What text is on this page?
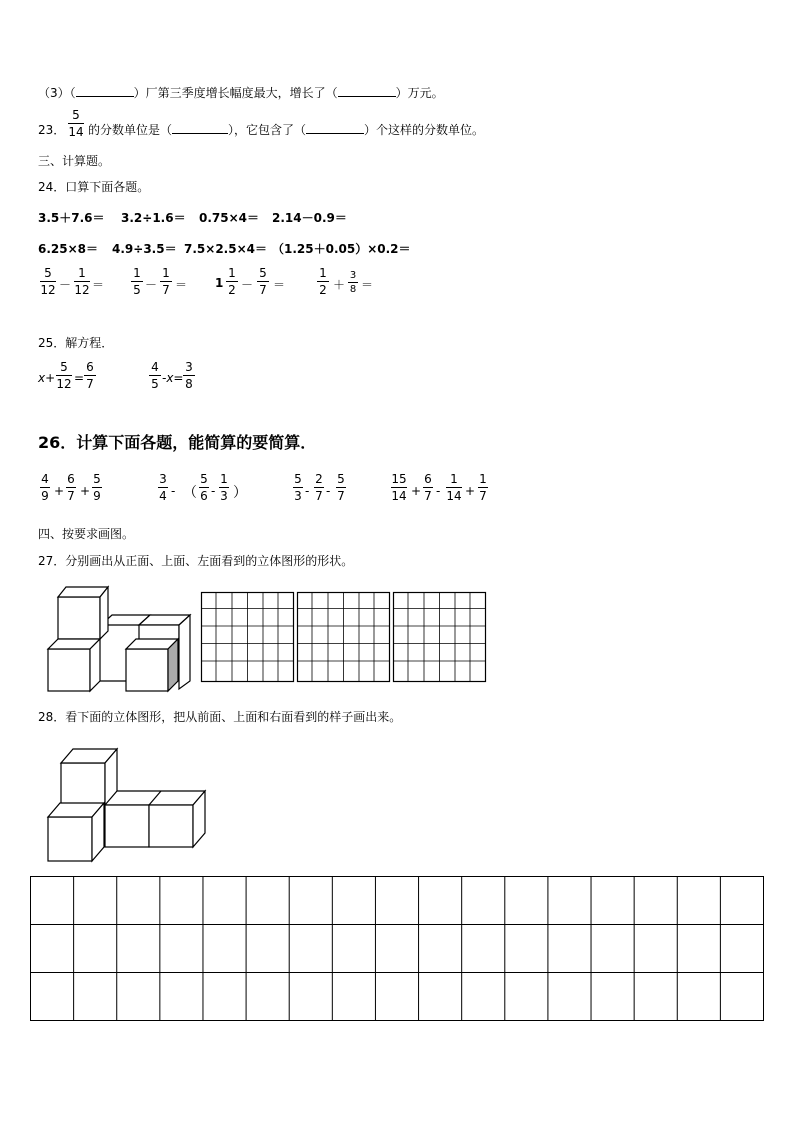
（3）（	）厂第三季度增长幅度最大，增长了（	）万元。
23．
5
14 的分数单位是（	），它包含了（	）个这样的分数单位。
三、计算题。
24．口算下面各题。
3.5＋7.6＝ 3.2÷1.6＝ 0.75×4＝ 2.14－0.9＝
6.25×8＝ 4.9÷3.5＝ 7.5×2.5×4＝ （1.25＋0.05）×0.2＝
5
12 －
1
12 ＝
1
5 －
1
7 ＝ 1
1
2 －
5
7 ＝
1
2 ＋
3
8 ＝
25．解方程．
x+
5
12 =
6
7
4
5 -x=
3
8
26．计算下面各题，能简算的要简算．
4
9 +
6
7 +
5
9
3
4 - （
5
6 -
1
3 ）
5
3 -
2
7 -
5
7
15
14 +
6
7 -
1
14 +
1
7
四、按要求画图。
27．分别画出从正面、上面、左面看到的立体图形的形状。
28．看下面的立体图形，把从前面、上面和右面看到的样子画出来。
